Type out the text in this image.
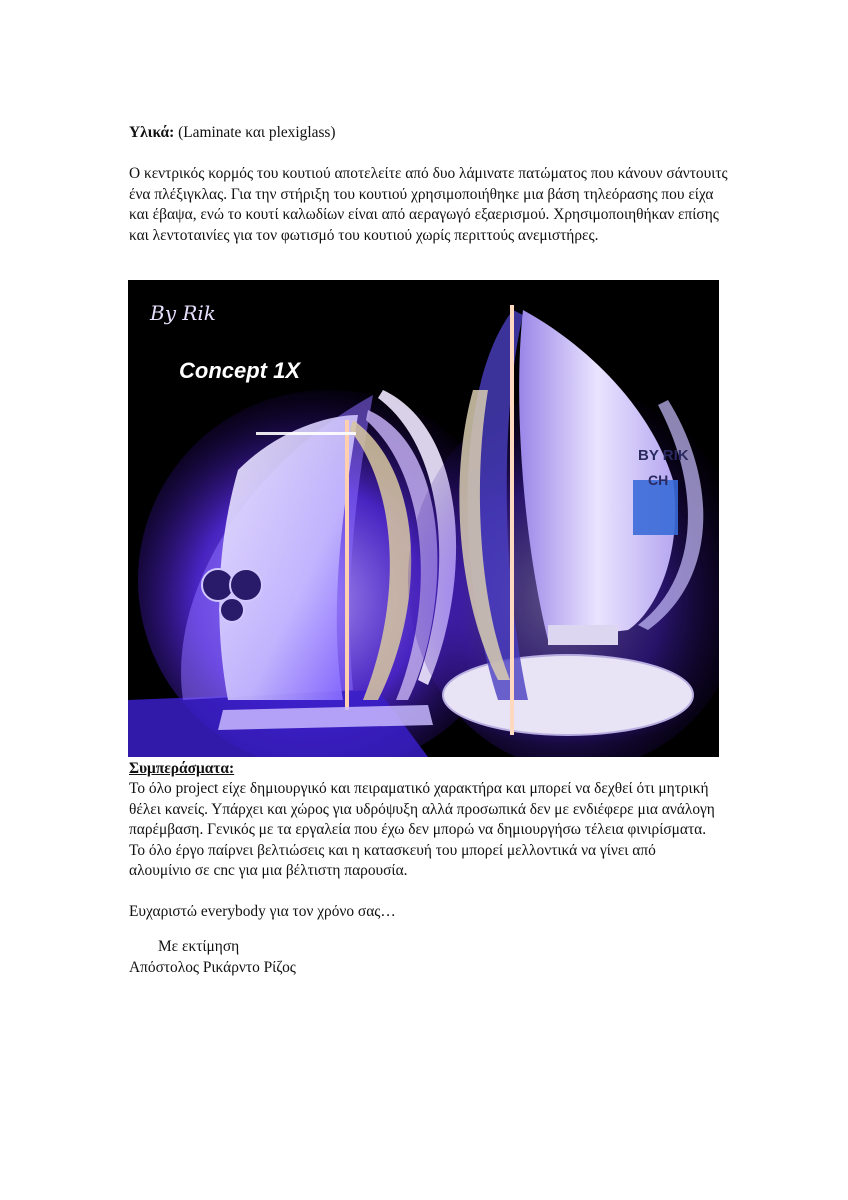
Υλικά: (Laminate και plexiglass)
Ο κεντρικός κορμός του κουτιού αποτελείτε από δυο λάμινατε πατώματος που κάνουν σάντουιτς ένα πλέξιγκλας. Για την στήριξη του κουτιού χρησιμοποιήθηκε μια βάση τηλεόρασης που είχα και έβαψα, ενώ το κουτί καλωδίων είναι από αεραγωγό εξαερισμού. Χρησιμοποιηθήκαν επίσης και λεντοταινίες για τον φωτισμό του κουτιού χωρίς περιττούς ανεμιστήρες.
By Rik
Concept 1X
BY RIK
CH
Συμπεράσματα:
Το όλο project είχε δημιουργικό και πειραματικό χαρακτήρα και μπορεί να δεχθεί ότι μητρική θέλει κανείς. Υπάρχει και χώρος για υδρόψυξη αλλά προσωπικά δεν με ενδιέφερε μια ανάλογη παρέμβαση. Γενικός με τα εργαλεία που έχω δεν μπορώ να δημιουργήσω τέλεια φινιρίσματα. Το όλο έργο παίρνει βελτιώσεις και η κατασκευή του μπορεί μελλοντικά να γίνει από αλουμίνιο σε cnc για μια βέλτιστη παρουσία.
Ευχαριστώ everybody για τον χρόνο σας…
Με εκτίμηση
Απόστολος Ρικάρντο Ρίζος
